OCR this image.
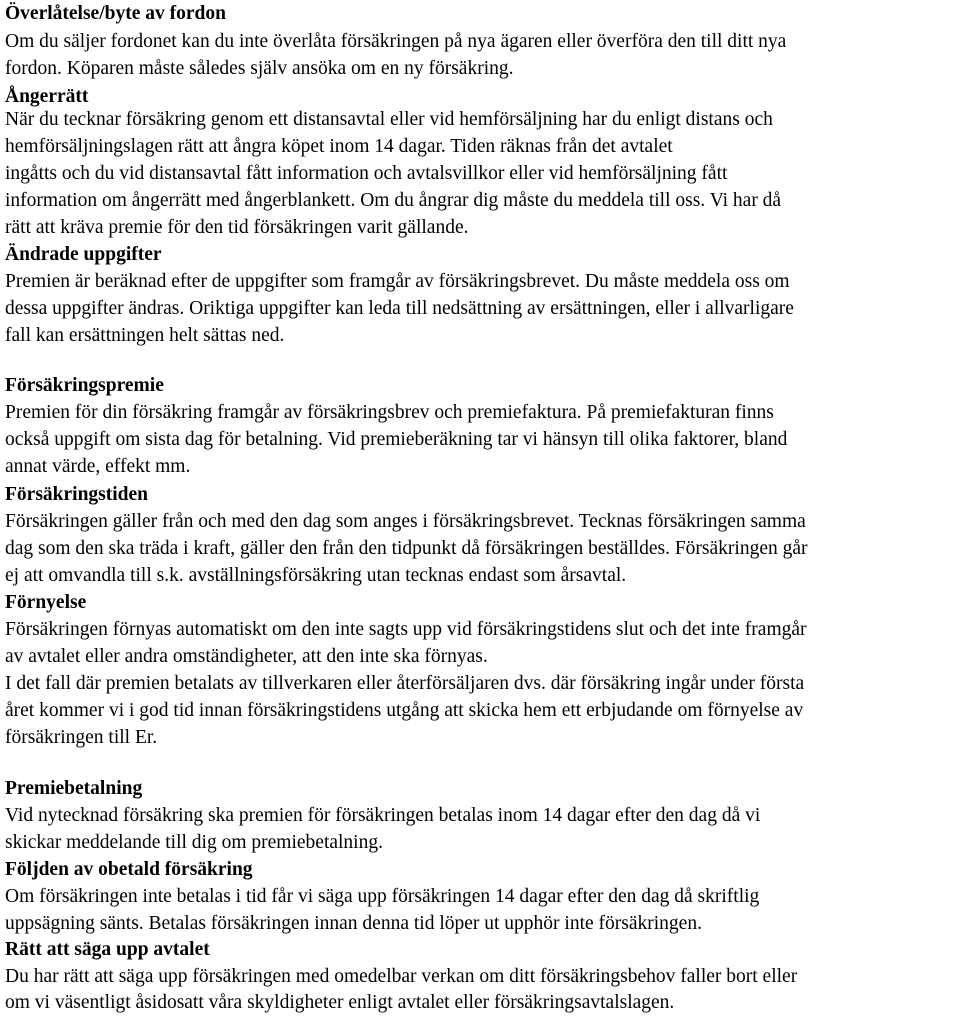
Överlåtelse/byte av fordon
Om du säljer fordonet kan du inte överlåta försäkringen på nya ägaren eller överföra den till ditt nya
fordon. Köparen måste således själv ansöka om en ny försäkring.
Ångerrätt
När du tecknar försäkring genom ett distansavtal eller vid hemförsäljning har du enligt distans och
hemförsäljningslagen rätt att ångra köpet inom 14 dagar. Tiden räknas från det avtalet
ingåtts och du vid distansavtal fått information och avtalsvillkor eller vid hemförsäljning fått
information om ångerrätt med ångerblankett. Om du ångrar dig måste du meddela till oss. Vi har då
rätt att kräva premie för den tid försäkringen varit gällande.
Ändrade uppgifter
Premien är beräknad efter de uppgifter som framgår av försäkringsbrevet. Du måste meddela oss om
dessa uppgifter ändras. Oriktiga uppgifter kan leda till nedsättning av ersättningen, eller i allvarligare
fall kan ersättningen helt sättas ned.
Försäkringspremie
Premien för din försäkring framgår av försäkringsbrev och premiefaktura. På premiefakturan finns
också uppgift om sista dag för betalning. Vid premieberäkning tar vi hänsyn till olika faktorer, bland
annat värde, effekt mm.
Försäkringstiden
Försäkringen gäller från och med den dag som anges i försäkringsbrevet. Tecknas försäkringen samma
dag som den ska träda i kraft, gäller den från den tidpunkt då försäkringen beställdes. Försäkringen går
ej att omvandla till s.k. avställningsförsäkring utan tecknas endast som årsavtal.
Förnyelse
Försäkringen förnyas automatiskt om den inte sagts upp vid försäkringstidens slut och det inte framgår
av avtalet eller andra omständigheter, att den inte ska förnyas.
I det fall där premien betalats av tillverkaren eller återförsäljaren dvs. där försäkring ingår under första
året kommer vi i god tid innan försäkringstidens utgång att skicka hem ett erbjudande om förnyelse av
försäkringen till Er.
Premiebetalning
Vid nytecknad försäkring ska premien för försäkringen betalas inom 14 dagar efter den dag då vi
skickar meddelande till dig om premiebetalning.
Följden av obetald försäkring
Om försäkringen inte betalas i tid får vi säga upp försäkringen 14 dagar efter den dag då skriftlig
uppsägning sänts. Betalas försäkringen innan denna tid löper ut upphör inte försäkringen.
Rätt att säga upp avtalet
Du har rätt att säga upp försäkringen med omedelbar verkan om ditt försäkringsbehov faller bort eller
om vi väsentligt åsidosatt våra skyldigheter enligt avtalet eller försäkringsavtalslagen.
